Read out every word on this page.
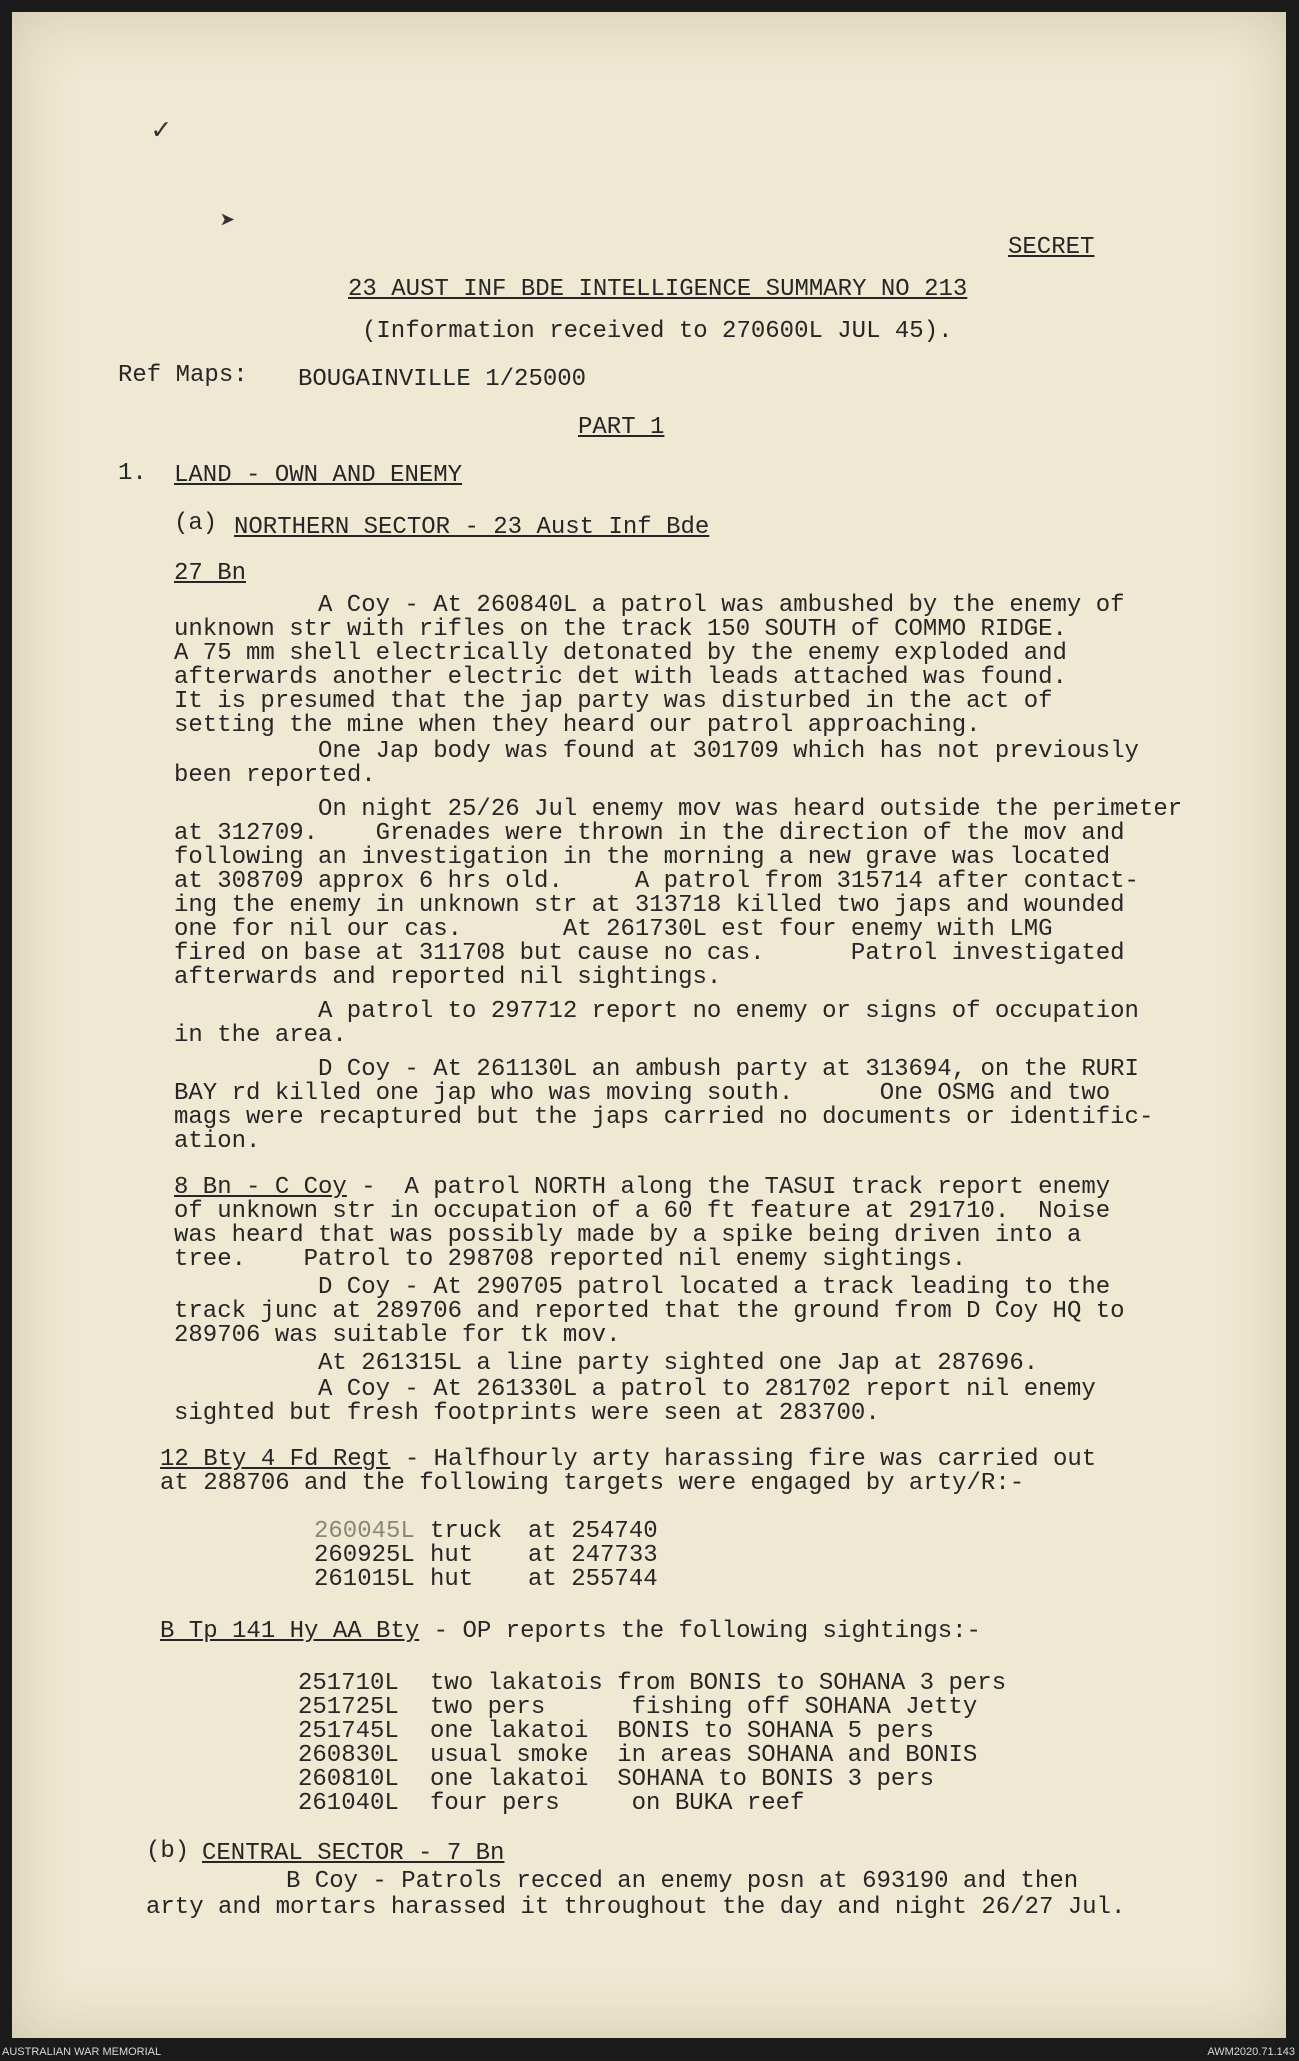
✓
➤
SECRET
23 AUST INF BDE INTELLIGENCE SUMMARY NO 213
(Information received to 270600L JUL 45).
Ref Maps: BOUGAINVILLE 1/25000
PART 1
1. LAND - OWN AND ENEMY
(a) NORTHERN SECTOR - 23 Aust Inf Bde
27 Bn
A Coy - At 260840L a patrol was ambushed by the enemy of
unknown str with rifles on the track 150 SOUTH of COMMO RIDGE.
A 75 mm shell electrically detonated by the enemy exploded and
afterwards another electric det with leads attached was found.
It is presumed that the jap party was disturbed in the act of
setting the mine when they heard our patrol approaching.
One Jap body was found at 301709 which has not previously
been reported.
On night 25/26 Jul enemy mov was heard outside the perimeter
at 312709.    Grenades were thrown in the direction of the mov and
following an investigation in the morning a new grave was located
at 308709 approx 6 hrs old.     A patrol from 315714 after contact-
ing the enemy in unknown str at 313718 killed two japs and wounded
one for nil our cas.       At 261730L est four enemy with LMG
fired on base at 311708 but cause no cas.      Patrol investigated
afterwards and reported nil sightings.
A patrol to 297712 report no enemy or signs of occupation
in the area.
D Coy - At 261130L an ambush party at 313694, on the RURI
BAY rd killed one jap who was moving south.      One OSMG and two
mags were recaptured but the japs carried no documents or identific-
ation.
8 Bn - C Coy -  A patrol NORTH along the TASUI track report enemy
of unknown str in occupation of a 60 ft feature at 291710.  Noise
was heard that was possibly made by a spike being driven into a
tree.    Patrol to 298708 reported nil enemy sightings.
D Coy - At 290705 patrol located a track leading to the
track junc at 289706 and reported that the ground from D Coy HQ to
289706 was suitable for tk mov.
At 261315L a line party sighted one Jap at 287696.
A Coy - At 261330L a patrol to 281702 report nil enemy
sighted but fresh footprints were seen at 283700.
12 Bty 4 Fd Regt - Halfhourly arty harassing fire was carried out
at 288706 and the following targets were engaged by arty/R:-
260045L truck at 254740
260925L hut at 247733
261015L hut at 255744
B Tp 141 Hy AA Bty - OP reports the following sightings:-
251710L two lakatois from BONIS to SOHANA 3 pers
251725L two pers      fishing off SOHANA Jetty
251745L one lakatoi  BONIS to SOHANA 5 pers
260830L usual smoke  in areas SOHANA and BONIS
260810L one lakatoi  SOHANA to BONIS 3 pers
261040L four pers     on BUKA reef
(b) CENTRAL SECTOR - 7 Bn
B Coy - Patrols recced an enemy posn at 693190 and then
arty and mortars harassed it throughout the day and night 26/27 Jul.
AUSTRALIAN WAR MEMORIAL	AWM2020.71.143
